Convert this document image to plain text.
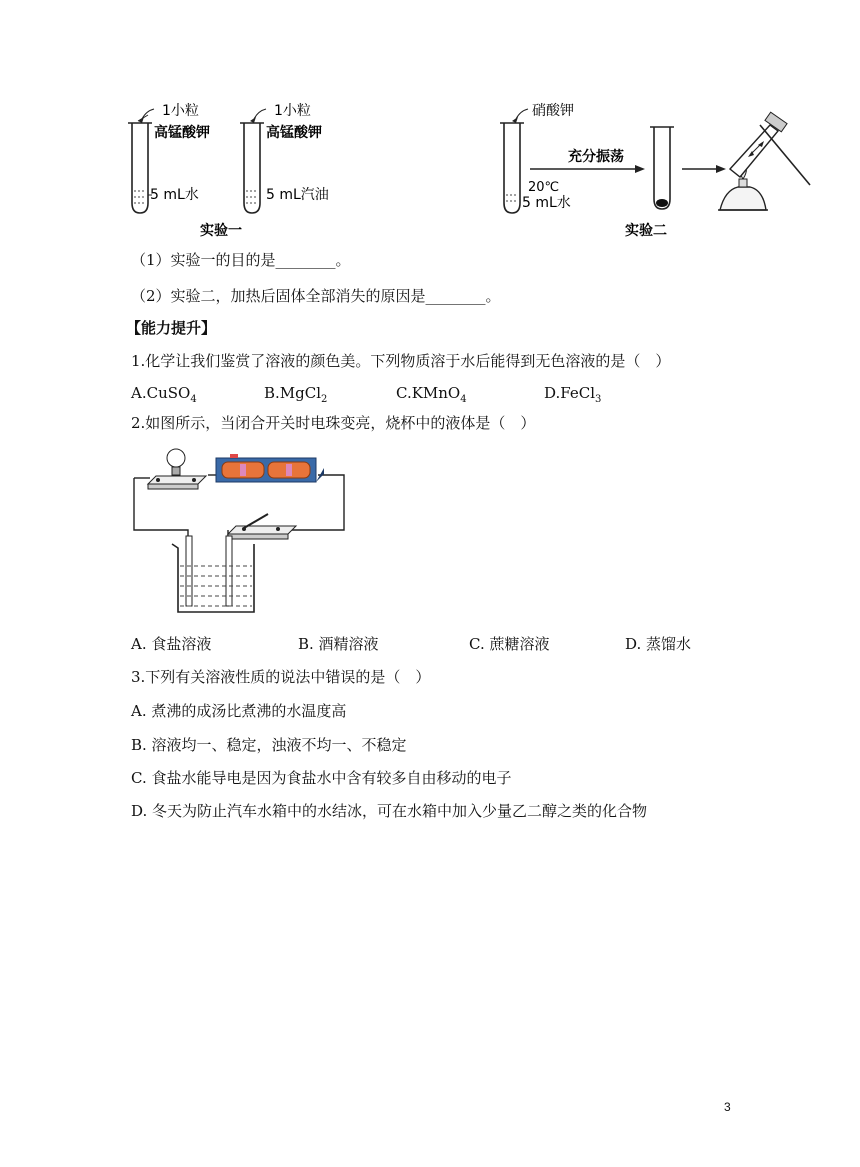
1小粒
高锰酸钾
5 mL水
1小粒
高锰酸钾
5 mL汽油
实验一
硝酸钾
20℃
5 mL水
充分振荡
实验二
（1）实验一的目的是________。
（2）实验二，加热后固体全部消失的原因是________。
【能力提升】
1.化学让我们鉴赏了溶液的颜色美。下列物质溶于水后能得到无色溶液的是（　）
A.CuSO$_4$	B.MgCl$_2$	C.KMnO$_4$	D.FeCl$_3$
2.如图所示，当闭合开关时电珠变亮，烧杯中的液体是（　）
A. 食盐溶液	B. 酒精溶液	C. 蔗糖溶液	D. 蒸馏水
3.下列有关溶液性质的说法中错误的是（　）
A. 煮沸的成汤比煮沸的水温度高
B. 溶液均一、稳定，浊液不均一、不稳定
C. 食盐水能导电是因为食盐水中含有较多自由移动的电子
D. 冬天为防止汽车水箱中的水结冰，可在水箱中加入少量乙二醇之类的化合物
3
